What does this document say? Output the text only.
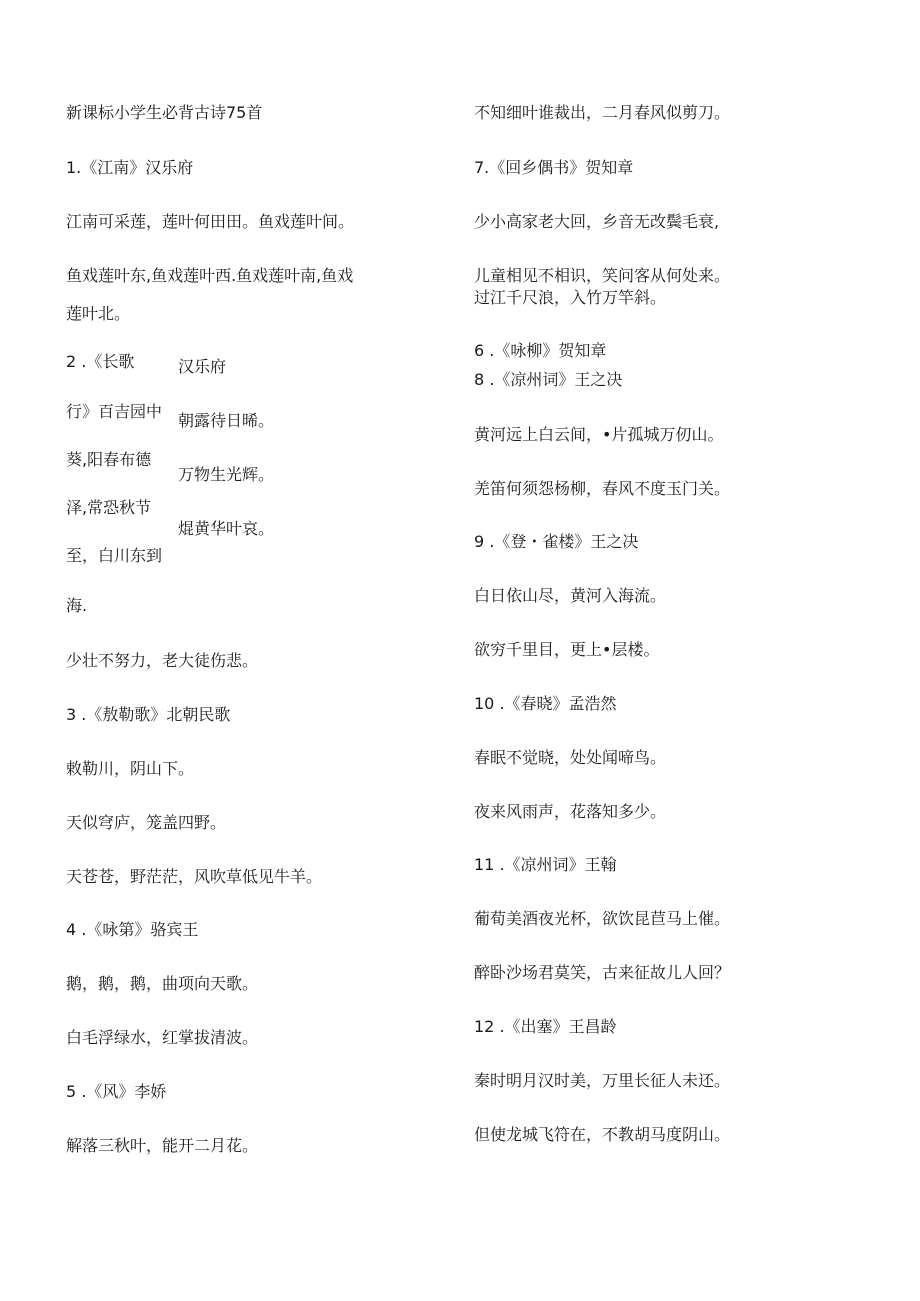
新课标小学生必背古诗75首
1.《江南》汉乐府
江南可采莲，莲叶何田田。鱼戏莲叶间。
鱼戏莲叶东,鱼戏莲叶西.鱼戏莲叶南,鱼戏
莲叶北。
2 .《长歌	汉乐府
行》百吉园中 朝露待日晞。
葵,阳春布德
万物生光辉。
泽,常恐秋节
焜黄华叶哀。
至，白川东到
海.
少壮不努力，老大徒伤悲。
3 .《敖勒歌》北朝民歌
敕勒川，阴山下。
天似穹庐，笼盖四野。
天苍苍，野茫茫，风吹草低见牛羊。
4 .《咏第》骆宾王
鹅，鹅，鹅，曲项向天歌。
白毛浮绿水，红掌拔清波。
5 .《风》李娇
解落三秋叶，能开二月花。
不知细叶谁裁出，二月春风似剪刀。
7.《回乡偶书》贺知章
少小高家老大回，乡音无改鬓毛衰,
儿童相见不相识，笑问客从何处来。
过江千尺浪，入竹万竿斜。
6 .《咏柳》贺知章
8 .《凉州词》王之决
黄河远上白云间，•片孤城万仞山。
羌笛何须怨杨柳，春风不度玉门关。
9 .《登・雀楼》王之决
白日依山尽，黄河入海流。
欲穷千里目，更上•层楼。
10 .《春晓》孟浩然
春眠不觉晓，处处闻啼鸟。
夜来风雨声，花落知多少。
11 .《凉州词》王翰
葡荀美酒夜光杯，欲饮昆苣马上催。
醉卧沙场君莫笑，古来征故儿人回？
12 .《出塞》王昌龄
秦时明月汉时美，万里长征人未还。
但使龙城飞符在，不教胡马度阴山。
